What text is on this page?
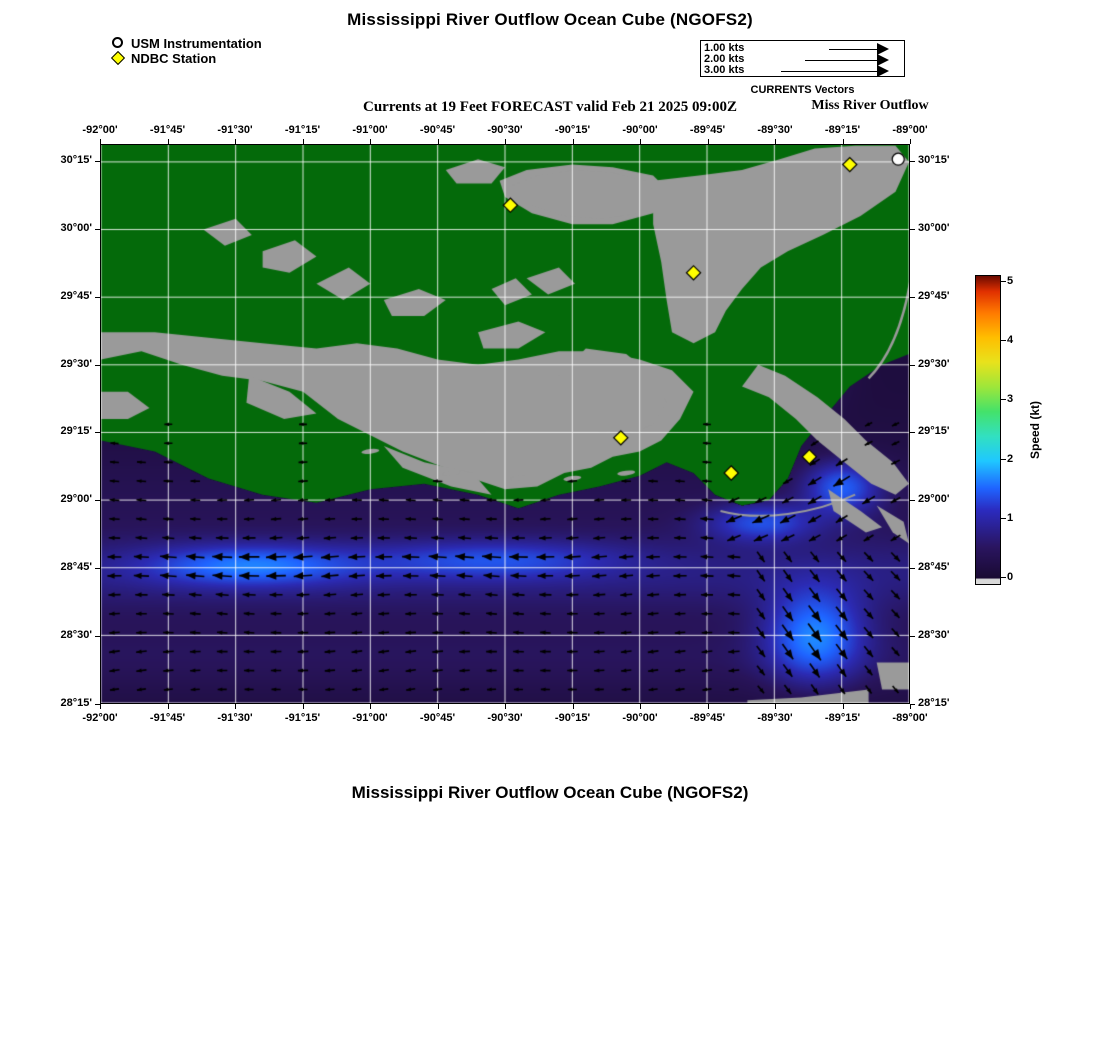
Mississippi River Outflow Ocean Cube (NGOFS2)
USM Instrumentation
NDBC Station
1.00 kts
2.00 kts
3.00 kts
CURRENTS Vectors
Currents at 19 Feet FORECAST valid Feb 21 2025 09:00Z	Miss River Outflow
-92°00'
-92°00'
-91°45'
-91°45'
-91°30'
-91°30'
-91°15'
-91°15'
-91°00'
-91°00'
-90°45'
-90°45'
-90°30'
-90°30'
-90°15'
-90°15'
-90°00'
-90°00'
-89°45'
-89°45'
-89°30'
-89°30'
-89°15'
-89°15'
-89°00'
-89°00'
30°15'	30°15'
30°00'	30°00'
29°45'	29°45'
29°30'	29°30'
29°15'	29°15'
29°00'	29°00'
28°45'	28°45'
28°30'	28°30'
28°15'	28°15'
5
4
3
2
1
0
Speed (kt)
Mississippi River Outflow Ocean Cube (NGOFS2)
